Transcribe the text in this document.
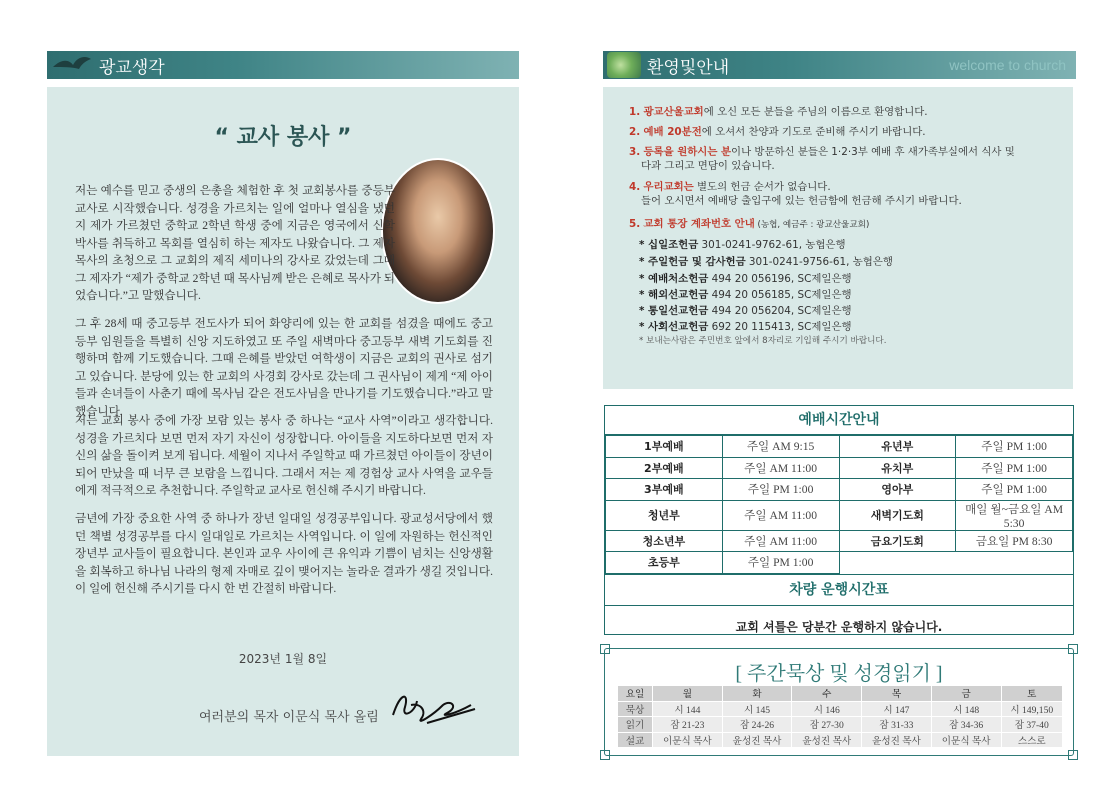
광교생각
“ 교사 봉사 ”

저는 예수를 믿고 중생의 은총을 체험한 후 첫 교회봉사를 중등부 교사로 시작했습니다. 성경을 가르치는 일에 얼마나 열심을 냈던지 제가 가르쳤던 중학교 2학년 학생 중에 지금은 영국에서 신학박사를 취득하고 목회를 열심히 하는 제자도 나왔습니다. 그 제자 목사의 초청으로 그 교회의 제직 세미나의 강사로 갔었는데 그때 그 제자가 “제가 중학교 2학년 때 목사님께 받은 은혜로 목사가 되었습니다.”고 말했습니다.

그 후 28세 때 중고등부 전도사가 되어 화양리에 있는 한 교회를 섬겼을 때에도 중고등부 임원들을 특별히 신앙 지도하였고 또 주일 새벽마다 중고등부 새벽 기도회를 진행하며 함께 기도했습니다. 그때 은혜를 받았던 여학생이 지금은 교회의 권사로 섬기고 있습니다. 분당에 있는 한 교회의 사경회 강사로 갔는데 그 권사님이 제게 “제 아이들과 손녀들이 사춘기 때에 목사님 같은 전도사님을 만나기를 기도했습니다.”라고 말했습니다.

저는 교회 봉사 중에 가장 보람 있는 봉사 중 하나는 “교사 사역”이라고 생각합니다. 성경을 가르치다 보면 먼저 자기 자신이 성장합니다. 아이들을 지도하다보면 먼저 자신의 삶을 돌이켜 보게 됩니다. 세월이 지나서 주일학교 때 가르쳤던 아이들이 장년이 되어 만났을 때 너무 큰 보람을 느낍니다. 그래서 저는 제 경험상 교사 사역을 교우들에게 적극적으로 추천합니다. 주일학교 교사로 헌신해 주시기 바랍니다.

금년에 가장 중요한 사역 중 하나가 장년 일대일 성경공부입니다. 광교성서당에서 했던 책별 성경공부를 다시 일대일로 가르치는 사역입니다. 이 일에 자원하는 헌신적인 장년부 교사들이 필요합니다. 본인과 교우 사이에 큰 유익과 기쁨이 넘치는 신앙생활을 회복하고 하나님 나라의 형제 자매로 깊이 맺어지는 놀라운 결과가 생길 것입니다. 이 일에 헌신해 주시기를 다시 한 번 간절히 바랍니다.

2023년 1월 8일
여러분의 목자 이문식 목사 올림
환영및안내	welcome to church

1. 광교산울교회에 오신 모든 분들을 주님의 이름으로 환영합니다.

2. 예배 20분전에 오셔서 찬양과 기도로 준비해 주시기 바랍니다.

3. 등록을 원하시는 분이나 방문하신 분들은 1·2·3부 예배 후 새가족부실에서 식사 및
다과 그리고 면담이 있습니다.

4. 우리교회는 별도의 헌금 순서가 없습니다.
들어 오시면서 예배당 출입구에 있는 헌금함에 헌금해 주시기 바랍니다.

5. 교회 통장 계좌번호 안내 (농협, 예금주 : 광교산울교회)

* 십일조헌금 301-0241-9762-61, 농협은행

* 주일헌금 및 감사헌금 301-0241-9756-61, 농협은행

* 예배처소헌금 494 20 056196, SC제일은행

* 해외선교헌금 494 20 056185, SC제일은행

* 통일선교헌금 494 20 056204, SC제일은행

* 사회선교헌금 692 20 115413, SC제일은행

* 보내는사람은 주민번호 앞에서 8자리로 기입해 주시기 바랍니다.

예배시간안내
1부예배	주일 AM 9:15	유년부	주일 PM 1:00
2부예배	주일 AM 11:00	유치부	주일 PM 1:00
3부예배	주일 PM 1:00	영아부	주일 PM 1:00
청년부	주일 AM 11:00	새벽기도회	매일 월~금요일 AM 5:30
청소년부	주일 AM 11:00	금요기도회	금요일 PM 8:30
초등부	주일 PM 1:00		
차량 운행시간표
교회 셔틀은 당분간 운행하지 않습니다.
[ 주간묵상 및 성경읽기 ]
요일	월	화	수	목	금	토
묵상	시 144	시 145	시 146	시 147	시 148	시 149,150
읽기	잠 21-23	잠 24-26	잠 27-30	잠 31-33	잠 34-36	잠 37-40
설교	이문식 목사	윤성진 목사	윤성진 목사	윤성진 목사	이문식 목사	스스로
